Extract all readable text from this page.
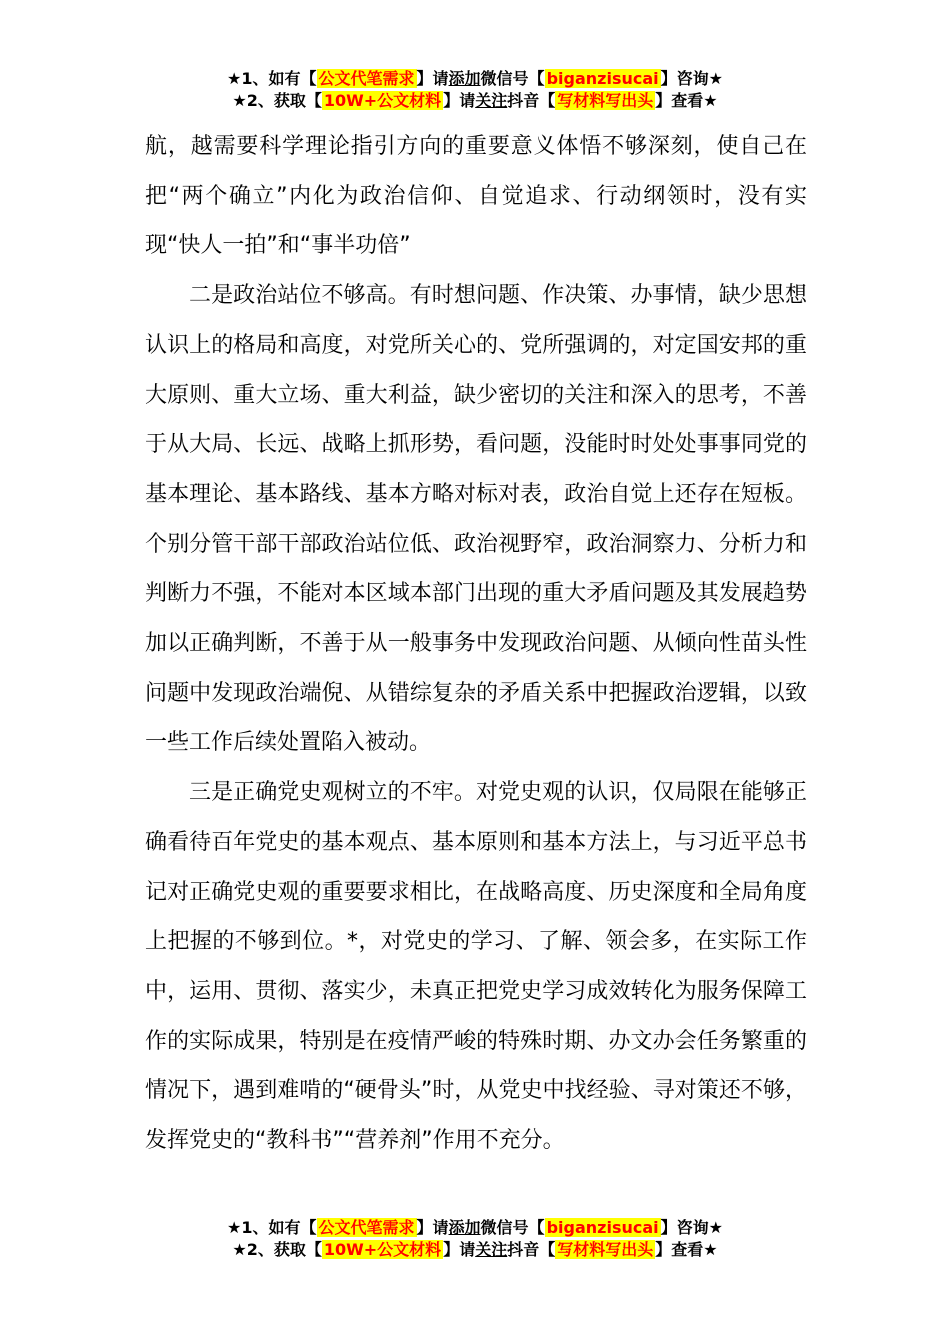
★1、如有【 公文代笔需求 】请添加微信号【 biganzisucai 】咨询★
★2、获取【 10W+公文材料 】请关注抖音【 写材料写出头 】查看★

航，越需要科学理论指引方向的重要意义体悟不够深刻，使自己在把“两个确立”内化为政治信仰、自觉追求、行动纲领时，没有实现“快人一拍”和“事半功倍”

二是政治站位不够高。有时想问题、作决策、办事情，缺少思想认识上的格局和高度，对党所关心的、党所强调的，对定国安邦的重大原则、重大立场、重大利益，缺少密切的关注和深入的思考，不善于从大局、长远、战略上抓形势，看问题，没能时时处处事事同党的基本理论、基本路线、基本方略对标对表，政治自觉上还存在短板。个别分管干部干部政治站位低、政治视野窄，政治洞察力、分析力和判断力不强，不能对本区域本部门出现的重大矛盾问题及其发展趋势加以正确判断，不善于从一般事务中发现政治问题、从倾向性苗头性问题中发现政治端倪、从错综复杂的矛盾关系中把握政治逻辑，以致一些工作后续处置陷入被动。

三是正确党史观树立的不牢。对党史观的认识，仅局限在能够正确看待百年党史的基本观点、基本原则和基本方法上，与习近平总书记对正确党史观的重要要求相比，在战略高度、历史深度和全局角度上把握的不够到位。*，对党史的学习、了解、领会多，在实际工作中，运用、贯彻、落实少，未真正把党史学习成效转化为服务保障工作的实际成果，特别是在疫情严峻的特殊时期、办文办会任务繁重的情况下，遇到难啃的“硬骨头”时，从党史中找经验、寻对策还不够，发挥党史的“教科书”“营养剂”作用不充分。

★1、如有【 公文代笔需求 】请添加微信号【 biganzisucai 】咨询★
★2、获取【 10W+公文材料 】请关注抖音【 写材料写出头 】查看★
